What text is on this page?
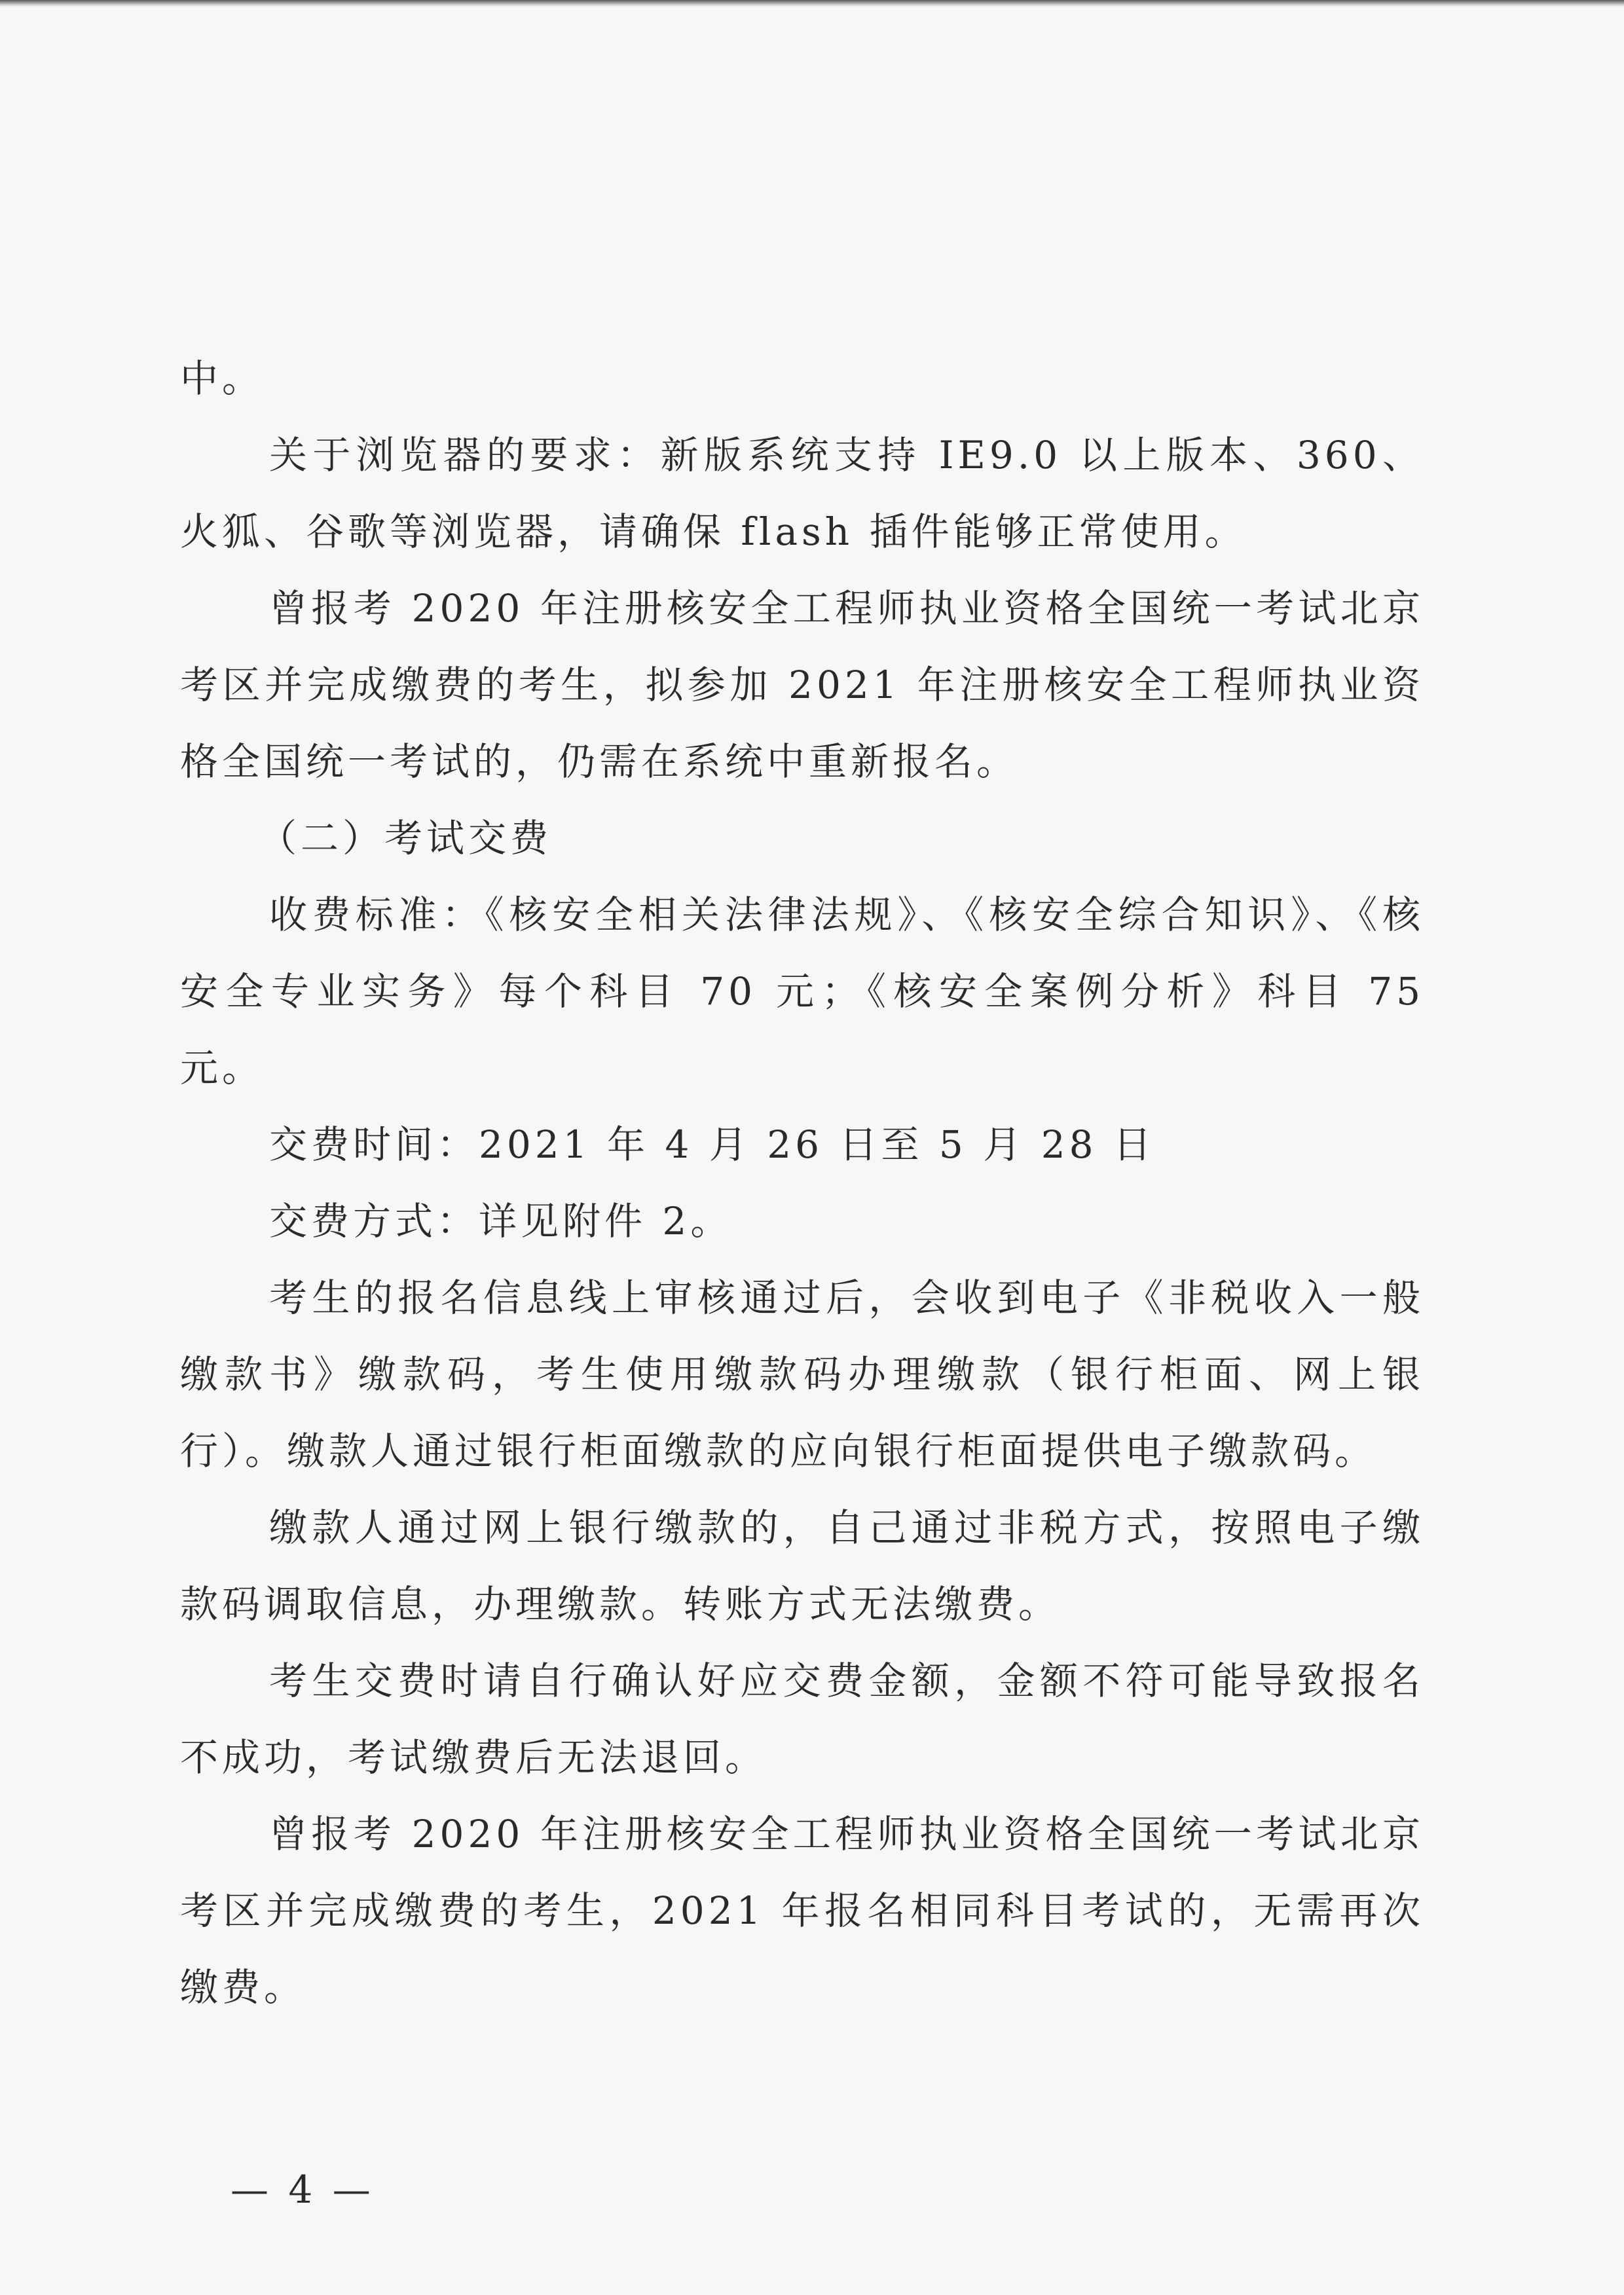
中。

关于浏览器的要求：新版系统支持 IE9.0 以上版本、360、火狐、谷歌等浏览器，请确保 flash 插件能够正常使用。

曾报考 2020 年注册核安全工程师执业资格全国统一考试北京考区并完成缴费的考生，拟参加 2021 年注册核安全工程师执业资格全国统一考试的，仍需在系统中重新报名。

（二）考试交费

收费标准：《核安全相关法律法规》、《核安全综合知识》、《核安全专业实务》每个科目 70 元；《核安全案例分析》科目 75 元。

交费时间：2021 年 4 月 26 日至 5 月 28 日

交费方式：详见附件 2。

考生的报名信息线上审核通过后，会收到电子《非税收入一般缴款书》缴款码，考生使用缴款码办理缴款（银行柜面、网上银行）。缴款人通过银行柜面缴款的应向银行柜面提供电子缴款码。

缴款人通过网上银行缴款的，自己通过非税方式，按照电子缴款码调取信息，办理缴款。转账方式无法缴费。

考生交费时请自行确认好应交费金额，金额不符可能导致报名不成功，考试缴费后无法退回。

曾报考 2020 年注册核安全工程师执业资格全国统一考试北京考区并完成缴费的考生，2021 年报名相同科目考试的，无需再次缴费。

— 4 —
